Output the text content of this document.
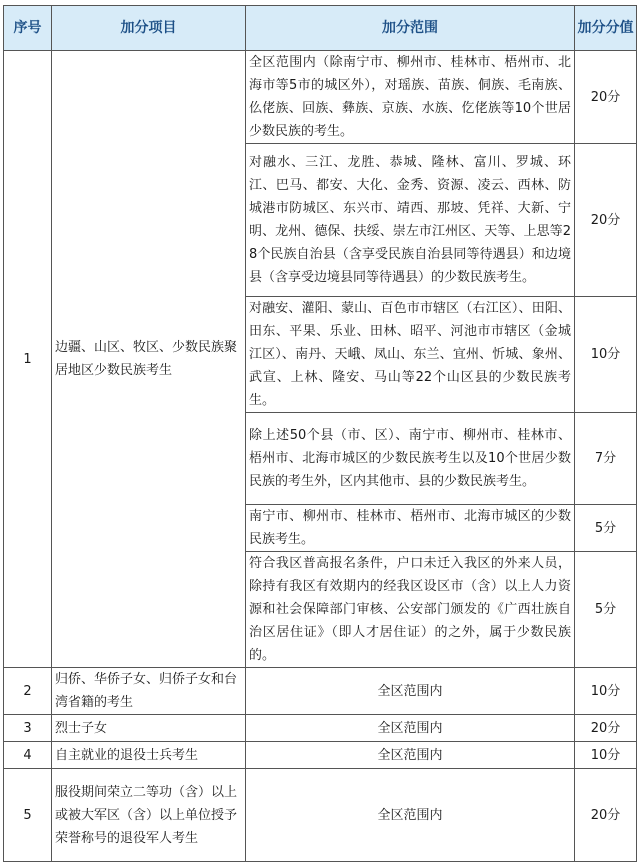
序号	加分项目	加分范围	加分分值
1	边疆、山区、牧区、少数民族聚居地区少数民族考生	全区范围内（除南宁市、柳州市、桂林市、梧州市、北海市等5市的城区外），对瑶族、苗族、侗族、毛南族、仫佬族、回族、彝族、京族、水族、仡佬族等10个世居少数民族的考生。	20分
		对融水、三江、龙胜、恭城、隆林、富川、罗城、环江、巴马、都安、大化、金秀、资源、凌云、西林、防城港市防城区、东兴市、靖西、那坡、凭祥、大新、宁明、龙州、德保、扶绥、崇左市江州区、天等、上思等28个民族自治县（含享受民族自治县同等待遇县）和边境县（含享受边境县同等待遇县）的少数民族考生。	20分
		对融安、灌阳、蒙山、百色市市辖区（右江区）、田阳、田东、平果、乐业、田林、昭平、河池市市辖区（金城江区）、南丹、天峨、凤山、东兰、宜州、忻城、象州、武宣、上林、隆安、马山等22个山区县的少数民族考生。	10分
		除上述50个县（市、区）、南宁市、柳州市、桂林市、梧州市、北海市城区的少数民族考生以及10个世居少数民族的考生外，区内其他市、县的少数民族考生。	7分
		南宁市、柳州市、桂林市、梧州市、北海市城区的少数民族考生。	5分
		符合我区普高报名条件，户口未迁入我区的外来人员，除持有我区有效期内的经我区设区市（含）以上人力资源和社会保障部门审核、公安部门颁发的《广西壮族自治区居住证》（即人才居住证）的之外，属于少数民族的。	5分
2	归侨、华侨子女、归侨子女和台湾省籍的考生	全区范围内	10分
3	烈士子女	全区范围内	20分
4	自主就业的退役士兵考生	全区范围内	10分
5	服役期间荣立二等功（含）以上或被大军区（含）以上单位授予荣誉称号的退役军人考生	全区范围内	20分
